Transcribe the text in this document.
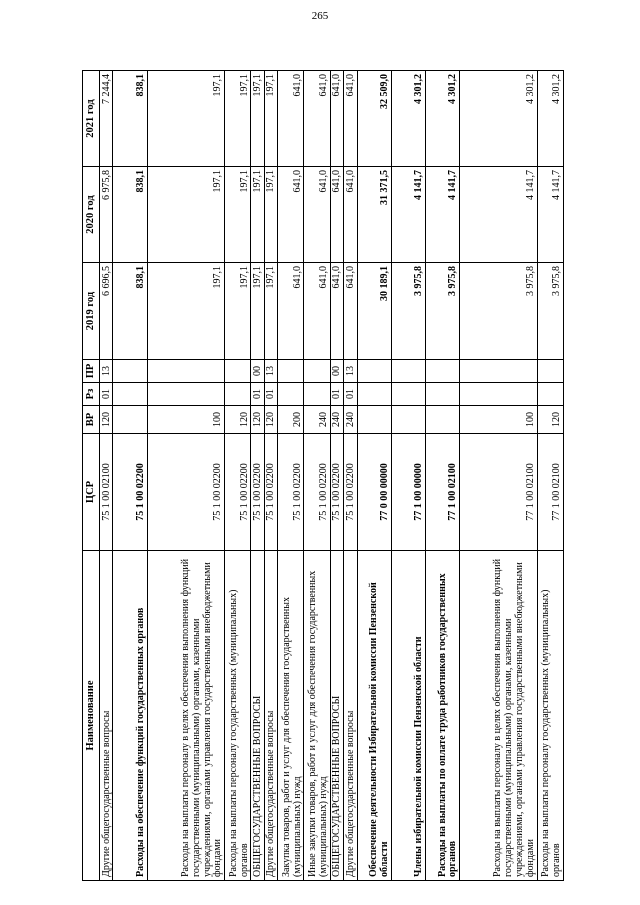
265
Наименование	ЦСР	ВР	Рз	ПР	2019 год	2020 год	2021 год
Другие общегосударственные вопросы	75 1 00 02100	120	01	13	6 696,5	6 975,8	7 244,4
Расходы на обеспечение функций государственных органов	75 1 00 02200				838,1	838,1	838,1
Расходы на выплаты персоналу в целях обеспечения выполнения функций государственными (муниципальными) органами, казенными учреждениями, органами управления государственными внебюджетными фондами	75 1 00 02200	100			197,1	197,1	197,1
Расходы на выплаты персоналу государственных (муниципальных) органов	75 1 00 02200	120			197,1	197,1	197,1
ОБЩЕГОСУДАРСТВЕННЫЕ ВОПРОСЫ	75 1 00 02200	120	01	00	197,1	197,1	197,1
Другие общегосударственные вопросы	75 1 00 02200	120	01	13	197,1	197,1	197,1
Закупка товаров, работ и услуг для обеспечения государственных (муниципальных) нужд	75 1 00 02200	200			641,0	641,0	641,0
Иные закупки товаров, работ и услуг для обеспечения государственных (муниципальных) нужд	75 1 00 02200	240			641,0	641,0	641,0
ОБЩЕГОСУДАРСТВЕННЫЕ ВОПРОСЫ	75 1 00 02200	240	01	00	641,0	641,0	641,0
Другие общегосударственные вопросы	75 1 00 02200	240	01	13	641,0	641,0	641,0
Обеспечение деятельности Избирательной комиссии Пензенской области	77 0 00 00000				30 189,1	31 371,5	32 509,0
Члены избирательной комиссии Пензенской области	77 1 00 00000				3 975,8	4 141,7	4 301,2
Расходы на выплаты по оплате труда работников государственных органов	77 1 00 02100				3 975,8	4 141,7	4 301,2
Расходы на выплаты персоналу в целях обеспечения выполнения функций государственными (муниципальными) органами, казенными учреждениями, органами управления государственными внебюджетными фондами	77 1 00 02100	100			3 975,8	4 141,7	4 301,2
Расходы на выплаты персоналу государственных (муниципальных) органов	77 1 00 02100	120			3 975,8	4 141,7	4 301,2
